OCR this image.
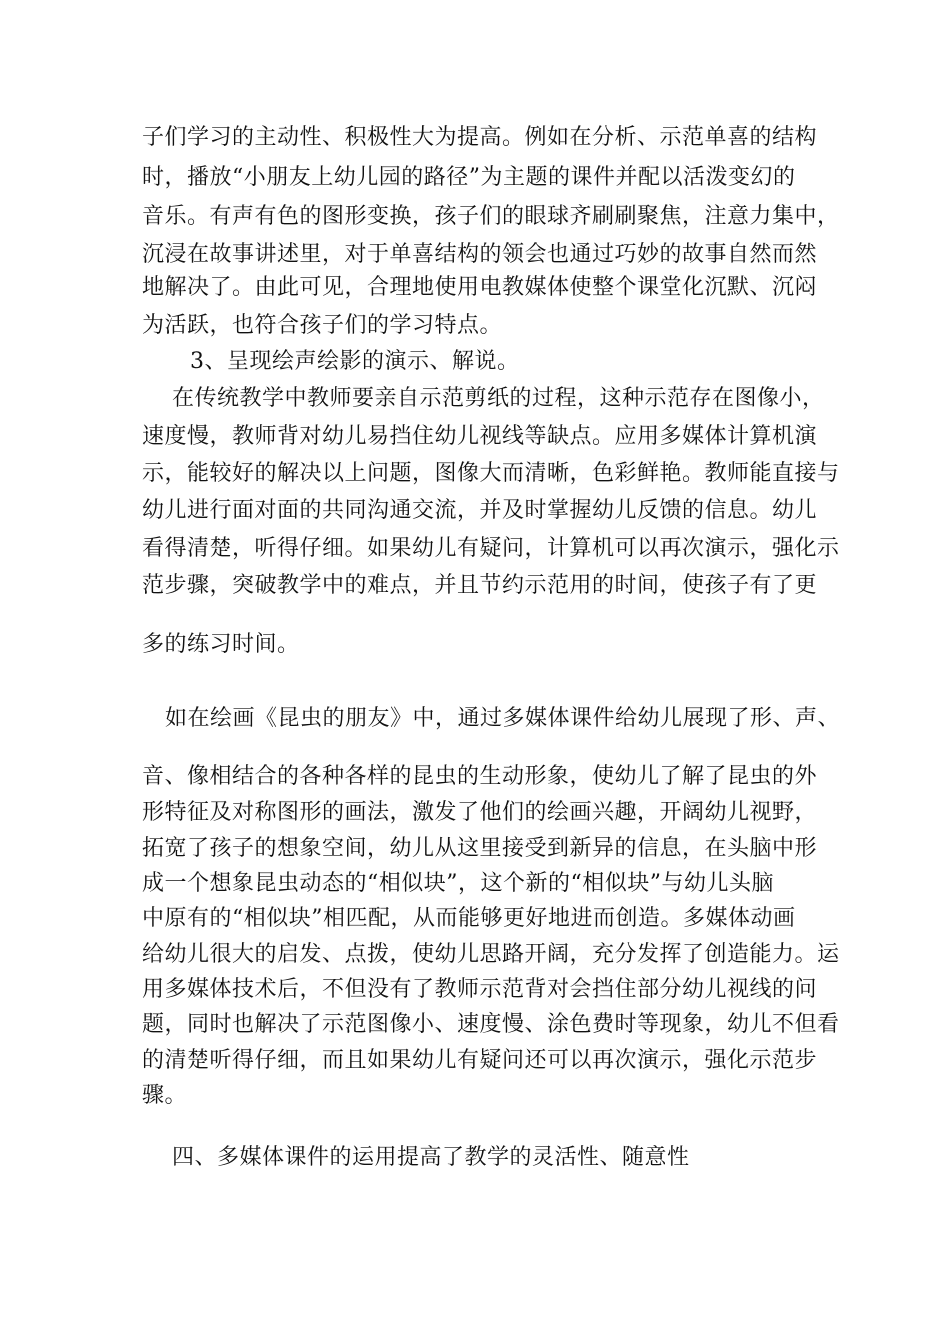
子们学习的主动性、积极性大为提高。例如在分析、示范单喜的结构
时，播放“小朋友上幼儿园的路径”为主题的课件并配以活泼变幻的
音乐。有声有色的图形变换，孩子们的眼球齐刷刷聚焦，注意力集中，
沉浸在故事讲述里，对于单喜结构的领会也通过巧妙的故事自然而然
地解决了。由此可见，合理地使用电教媒体使整个课堂化沉默、沉闷
为活跃，也符合孩子们的学习特点。
3、呈现绘声绘影的演示、解说。
在传统教学中教师要亲自示范剪纸的过程，这种示范存在图像小，
速度慢，教师背对幼儿易挡住幼儿视线等缺点。应用多媒体计算机演
示，能较好的解决以上问题，图像大而清晰，色彩鲜艳。教师能直接与
幼儿进行面对面的共同沟通交流，并及时掌握幼儿反馈的信息。幼儿
看得清楚，听得仔细。如果幼儿有疑问，计算机可以再次演示，强化示
范步骤，突破教学中的难点，并且节约示范用的时间，使孩子有了更
多的练习时间。
如在绘画《昆虫的朋友》中，通过多媒体课件给幼儿展现了形、声、
音、像相结合的各种各样的昆虫的生动形象，使幼儿了解了昆虫的外
形特征及对称图形的画法，激发了他们的绘画兴趣，开阔幼儿视野，
拓宽了孩子的想象空间，幼儿从这里接受到新异的信息，在头脑中形
成一个想象昆虫动态的“相似块”，这个新的“相似块”与幼儿头脑
中原有的“相似块”相匹配，从而能够更好地进而创造。多媒体动画
给幼儿很大的启发、点拨，使幼儿思路开阔，充分发挥了创造能力。运
用多媒体技术后，不但没有了教师示范背对会挡住部分幼儿视线的问
题，同时也解决了示范图像小、速度慢、涂色费时等现象，幼儿不但看
的清楚听得仔细，而且如果幼儿有疑问还可以再次演示，强化示范步
骤。
四、多媒体课件的运用提高了教学的灵活性、随意性
